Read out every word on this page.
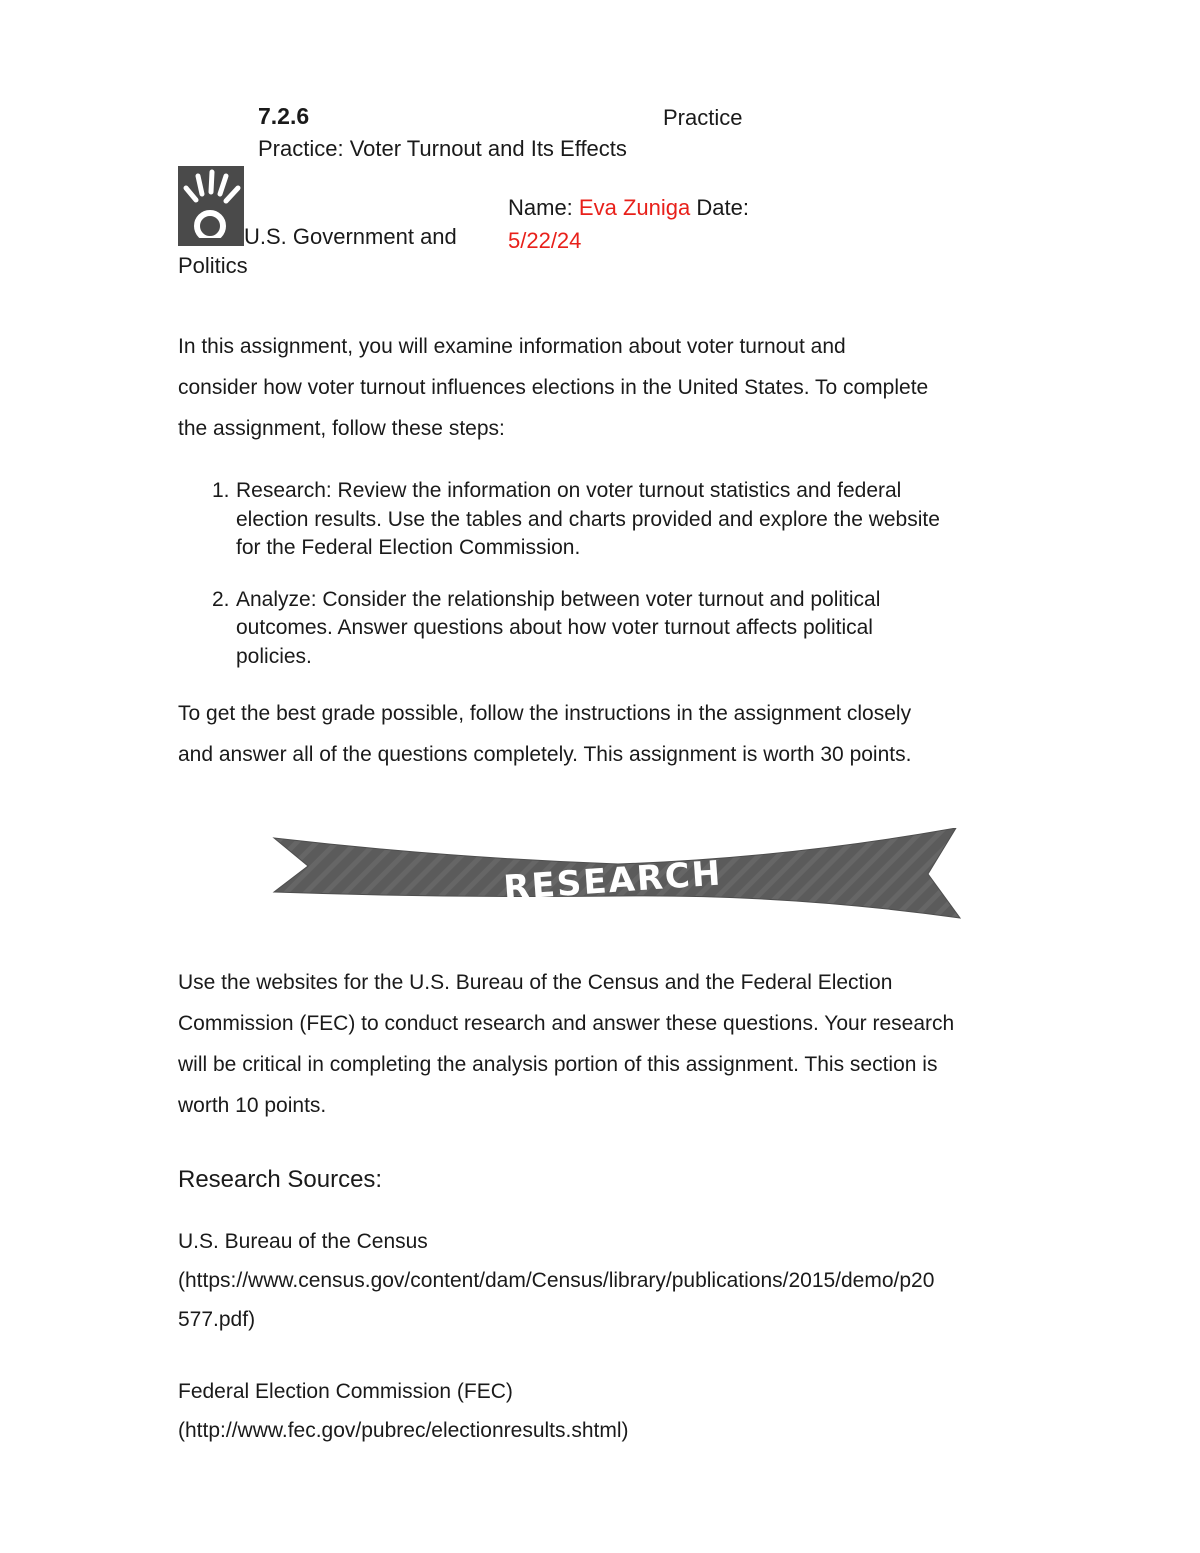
7.2.6	Practice
Practice: Voter Turnout and Its Effects
U.S. Government and
Politics
Name: Eva Zuniga Date:
5/22/24

In this assignment, you will examine information about voter turnout and
consider how voter turnout influences elections in the United States. To complete
the assignment, follow these steps:

1. Research: Review the information on voter turnout statistics and federal
election results. Use the tables and charts provided and explore the website
for the Federal Election Commission.
2. Analyze: Consider the relationship between voter turnout and political
outcomes. Answer questions about how voter turnout affects political
policies.

To get the best grade possible, follow the instructions in the assignment closely
and answer all of the questions completely. This assignment is worth 30 points.

RESEARCH

Use the websites for the U.S. Bureau of the Census and the Federal Election
Commission (FEC) to conduct research and answer these questions. Your research
will be critical in completing the analysis portion of this assignment. This section is
worth 10 points.

Research Sources:

U.S. Bureau of the Census
(https://www.census.gov/content/dam/Census/library/publications/2015/demo/p20
577.pdf)

Federal Election Commission (FEC)
(http://www.fec.gov/pubrec/electionresults.shtml)
